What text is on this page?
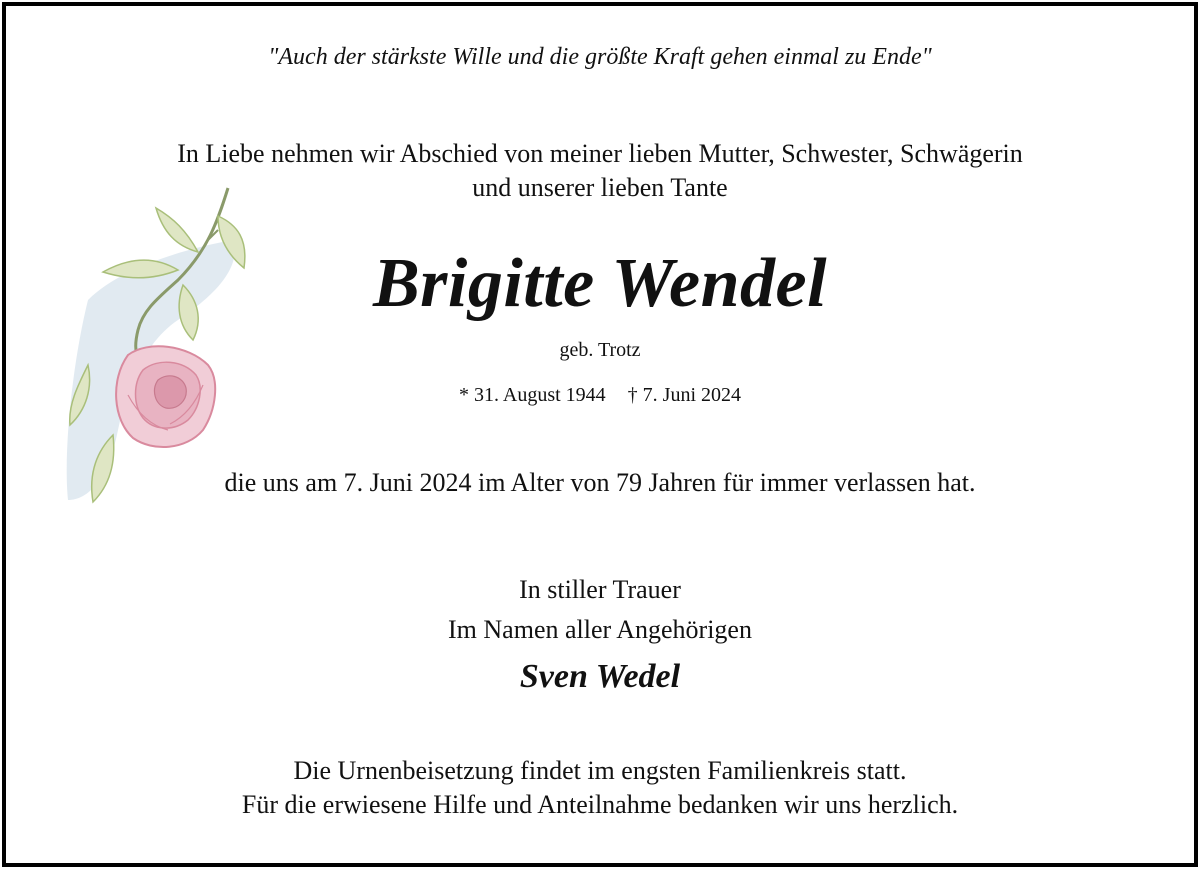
"Auch der stärkste Wille und die größte Kraft gehen einmal zu Ende"
In Liebe nehmen wir Abschied von meiner lieben Mutter, Schwester, Schwägerin
und unserer lieben Tante
Brigitte Wendel
geb. Trotz
* 31. August 1944 † 7. Juni 2024
die uns am 7. Juni 2024 im Alter von 79 Jahren für immer verlassen hat.
In stiller Trauer
Im Namen aller Angehörigen
Sven Wedel
Die Urnenbeisetzung findet im engsten Familienkreis statt.
Für die erwiesene Hilfe und Anteilnahme bedanken wir uns herzlich.
